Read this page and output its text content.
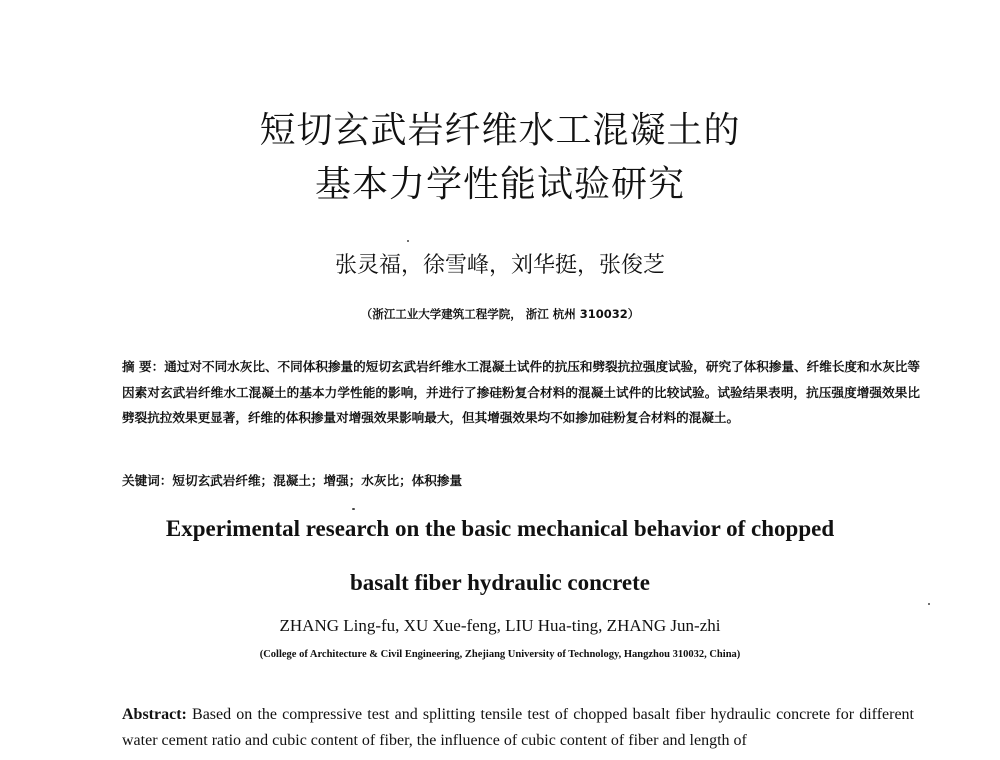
短切玄武岩纤维水工混凝土的
基本力学性能试验研究
张灵福，徐雪峰，刘华挺，张俊芝
（浙江工业大学建筑工程学院， 浙江 杭州 310032）
摘 要：通过对不同水灰比、不同体积掺量的短切玄武岩纤维水工混凝土试件的抗压和劈裂抗拉强度试验，研究了体积掺量、纤维长度和水灰比等因素对玄武岩纤维水工混凝土的基本力学性能的影响，并进行了掺硅粉复合材料的混凝土试件的比较试验。试验结果表明，抗压强度增强效果比劈裂抗拉效果更显著，纤维的体积掺量对增强效果影响最大，但其增强效果均不如掺加硅粉复合材料的混凝土。
关键词：短切玄武岩纤维；混凝土；增强；水灰比；体积掺量
Experimental research on the basic mechanical behavior of chopped
basalt fiber hydraulic concrete
ZHANG Ling-fu, XU Xue-feng, LIU Hua-ting, ZHANG Jun-zhi
(College of Architecture & Civil Engineering, Zhejiang University of Technology, Hangzhou 310032, China)
Abstract: Based on the compressive test and splitting tensile test of chopped basalt fiber hydraulic concrete for different water cement ratio and cubic content of fiber, the influence of cubic content of fiber and length of
